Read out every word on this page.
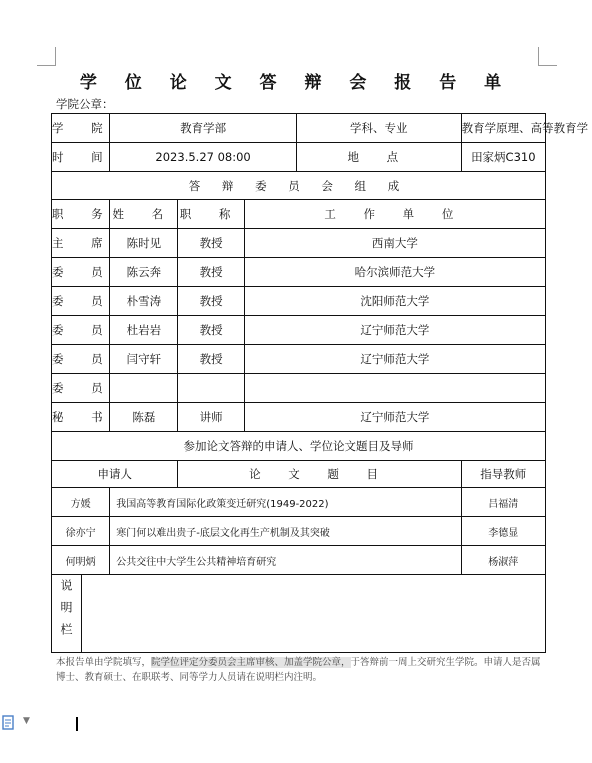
学 位 论 文 答 辩 会 报 告 单
学院公章：
学 院		教育学部			学科、专业	教育学原理、高等教育学
时 间		2023.5.27 08:00			地 点	田家炳C310
答 辩 委 员 会 组 成						
职 务		姓 名	职 称	工 作 单 位		
主 席		陈时见	教授	西南大学		
委 员		陈云奔	教授	哈尔滨师范大学		
委 员		朴雪涛	教授	沈阳师范大学		
委 员		杜岩岩	教授	辽宁师范大学		
委 员		闫守轩	教授	辽宁师范大学		
委 员						
秘 书		陈磊	讲师	辽宁师范大学		
参加论文答辩的申请人、学位论文题目及导师						
申请人			论 文 题 目			指导教师
方媛		我国高等教育国际化政策变迁研究(1949-2022)				吕福清
徐亦宁		寒门何以难出贵子-底层文化再生产机制及其突破				李德显
何明炳		公共交往中大学生公共精神培育研究				杨淑萍
说明栏						
本报告单由学院填写，院学位评定分委员会主席审核、加盖学院公章，于答辩前一周上交研究生学院。申请人是否属博士、教育硕士、在职联考、同等学力人员请在说明栏内注明。
▼
